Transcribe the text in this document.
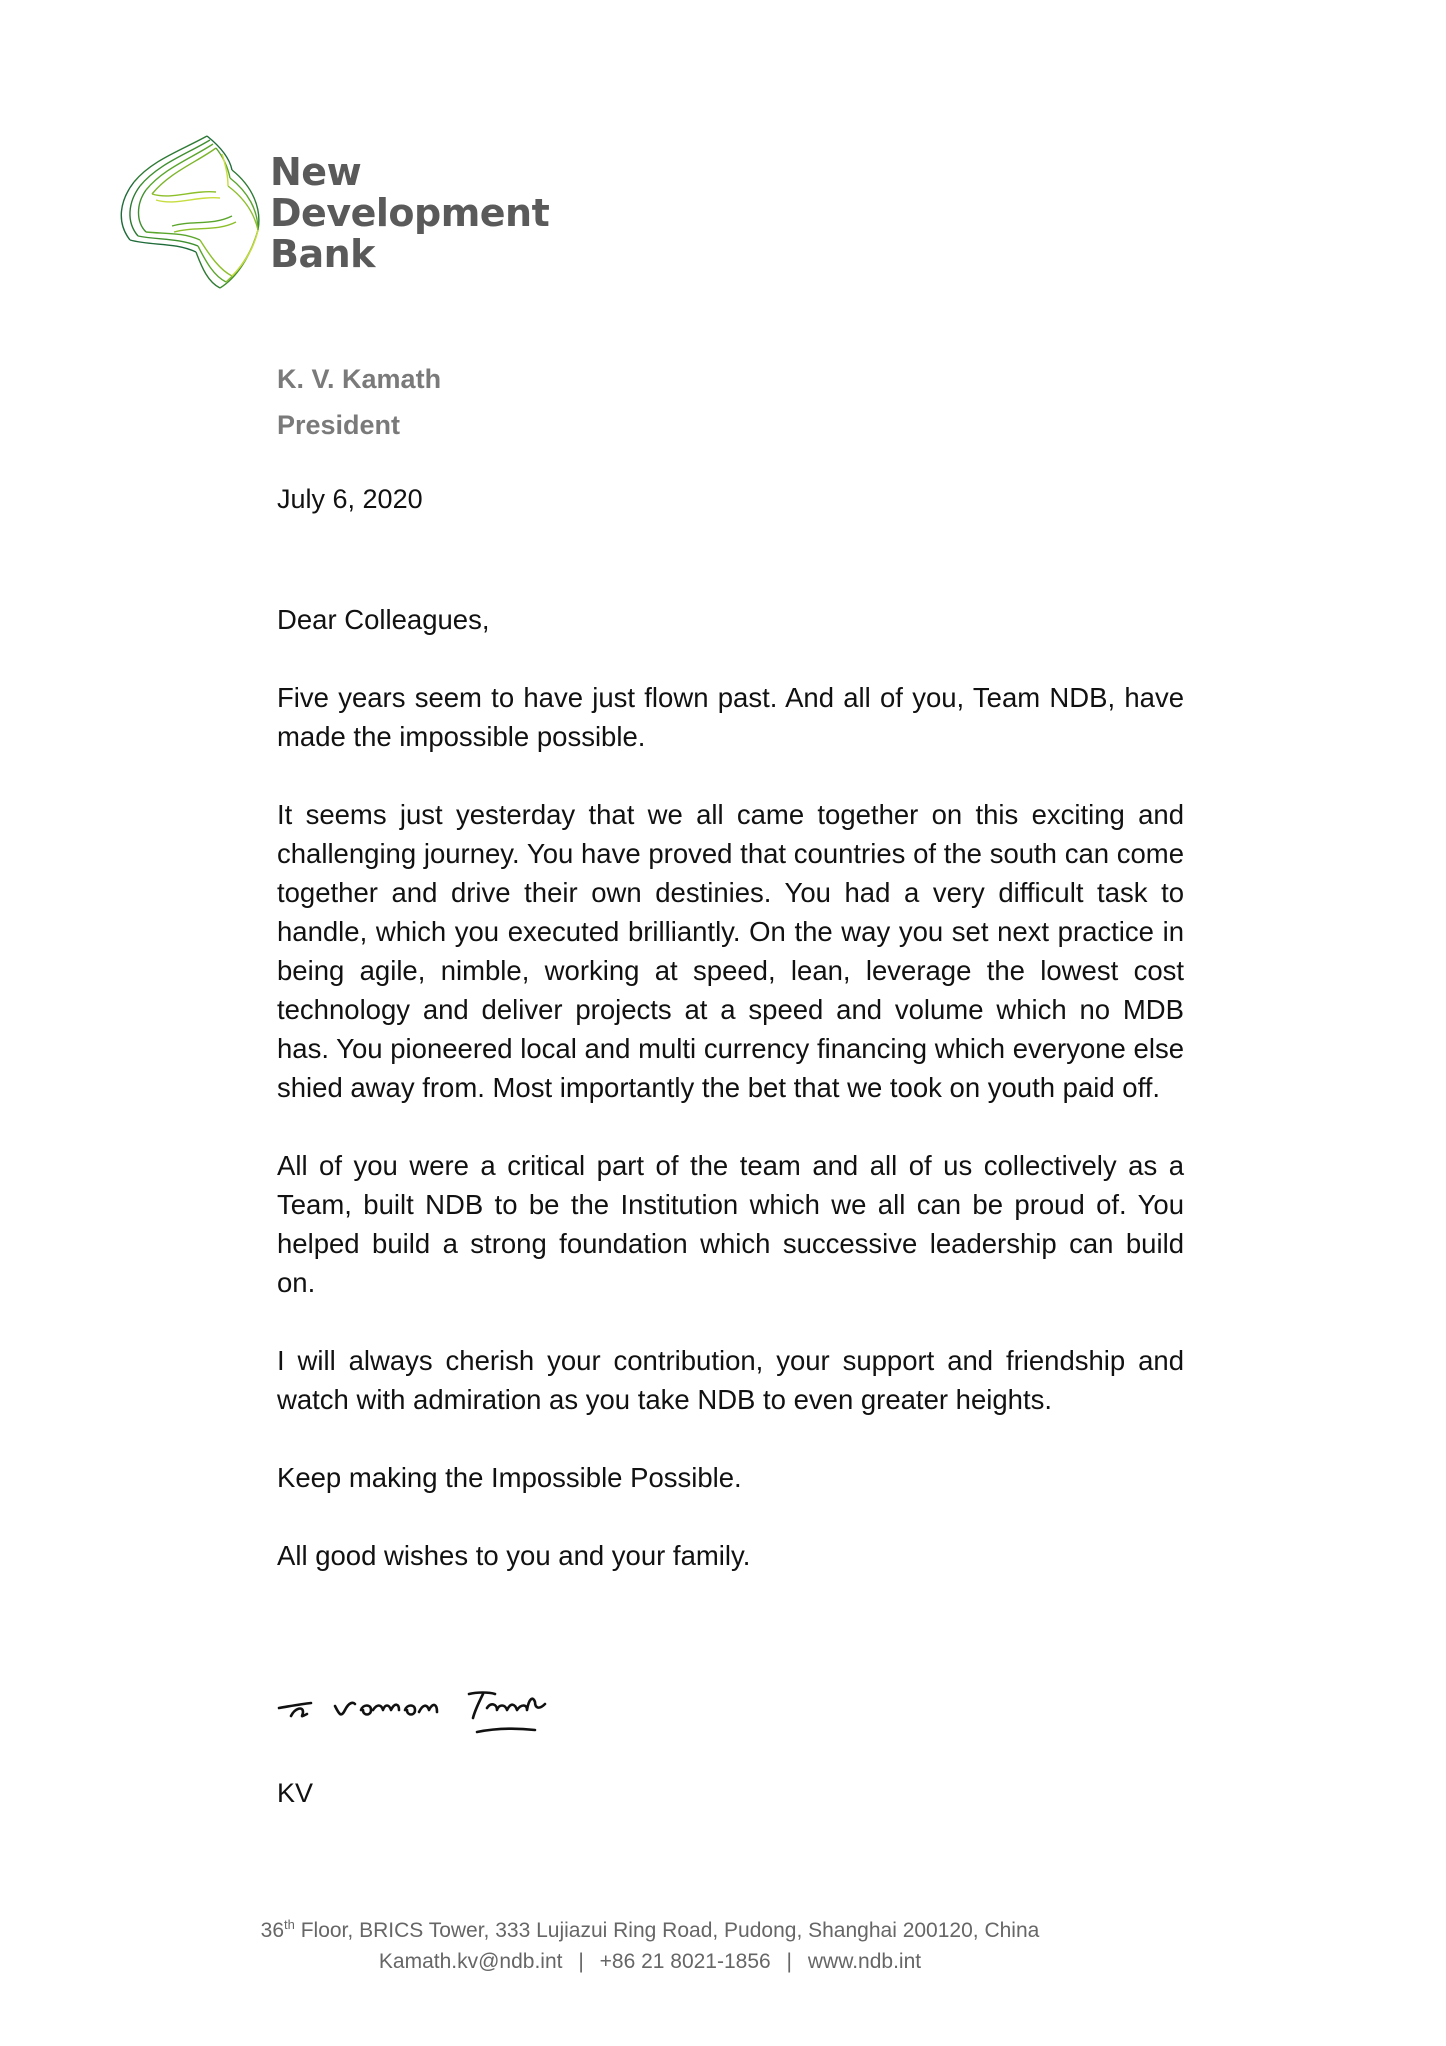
New
Development
Bank
K. V. Kamath
President
July 6, 2020

Dear Colleagues,

Five years seem to have just flown past. And all of you, Team NDB, have made the impossible possible.

It seems just yesterday that we all came together on this exciting and challenging journey. You have proved that countries of the south can come together and drive their own destinies. You had a very difficult task to handle, which you executed brilliantly. On the way you set next practice in being agile, nimble, working at speed, lean, leverage the lowest cost technology and deliver projects at a speed and volume which no MDB has. You pioneered local and multi currency financing which everyone else shied away from. Most importantly the bet that we took on youth paid off.

All of you were a critical part of the team and all of us collectively as a Team, built NDB to be the Institution which we all can be proud of. You helped build a strong foundation which successive leadership can build on.

I will always cherish your contribution, your support and friendship and watch with admiration as you take NDB to even greater heights.

Keep making the Impossible Possible.

All good wishes to you and your family.

KV
36th Floor, BRICS Tower, 333 Lujiazui Ring Road, Pudong, Shanghai 200120, China
Kamath.kv@ndb.int | +86 21 8021-1856 | www.ndb.int
